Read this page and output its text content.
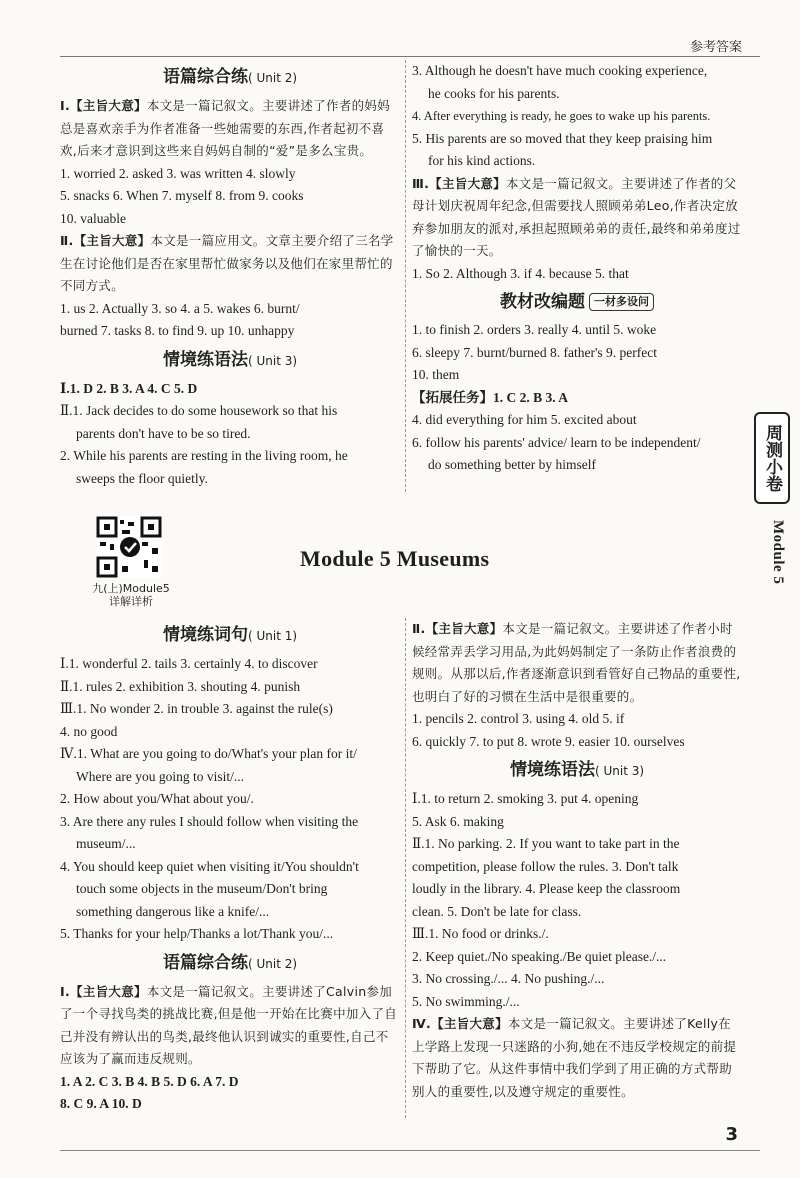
参考答案
语篇综合练( Unit 2)

Ⅰ.【主旨大意】本文是一篇记叙文。主要讲述了作者的妈妈总是喜欢亲手为作者准备一些她需要的东西,作者起初不喜欢,后来才意识到这些来自妈妈自制的“爱”是多么宝贵。

1. worried 2. asked 3. was written 4. slowly

5. snacks 6. When 7. myself 8. from 9. cooks

10. valuable

Ⅱ.【主旨大意】本文是一篇应用文。文章主要介绍了三名学生在讨论他们是否在家里帮忙做家务以及他们在家里帮忙的不同方式。

1. us 2. Actually 3. so 4. a 5. wakes 6. burnt/

burned 7. tasks 8. to find 9. up 10. unhappy

情境练语法( Unit 3)

Ⅰ.1. D 2. B 3. A 4. C 5. D

Ⅱ.1. Jack decides to do some housework so that his

parents don't have to be so tired.

2. While his parents are resting in the living room, he

sweeps the floor quietly.

3. Although he doesn't have much cooking experience,

he cooks for his parents.

4. After everything is ready, he goes to wake up his parents.

5. His parents are so moved that they keep praising him

for his kind actions.

Ⅲ.【主旨大意】本文是一篇记叙文。主要讲述了作者的父母计划庆祝周年纪念,但需要找人照顾弟弟Leo,作者决定放弃参加朋友的派对,承担起照顾弟弟的责任,最终和弟弟度过了愉快的一天。

1. So 2. Although 3. if 4. because 5. that

教材改编题 一材多设问

1. to finish 2. orders 3. really 4. until 5. woke

6. sleepy 7. burnt/burned 8. father's 9. perfect

10. them

【拓展任务】1. C 2. B 3. A

4. did everything for him 5. excited about

6. follow his parents' advice/ learn to be independent/

do something better by himself

九(上)Module5 详解详析
Module 5 Museums
周测小卷
Module 5
情境练词句( Unit 1)

Ⅰ.1. wonderful 2. tails 3. certainly 4. to discover

Ⅱ.1. rules 2. exhibition 3. shouting 4. punish

Ⅲ.1. No wonder 2. in trouble 3. against the rule(s)

4. no good

Ⅳ.1. What are you going to do/What's your plan for it/

Where are you going to visit/...

2. How about you/What about you/.

3. Are there any rules I should follow when visiting the

museum/...

4. You should keep quiet when visiting it/You shouldn't

touch some objects in the museum/Don't bring

something dangerous like a knife/...

5. Thanks for your help/Thanks a lot/Thank you/...

语篇综合练( Unit 2)

Ⅰ.【主旨大意】本文是一篇记叙文。主要讲述了Calvin参加了一个寻找鸟类的挑战比赛,但是他一开始在比赛中加入了自己并没有辨认出的鸟类,最终他认识到诚实的重要性,自己不应该为了赢而违反规则。

1. A 2. C 3. B 4. B 5. D 6. A 7. D

8. C 9. A 10. D

Ⅱ.【主旨大意】本文是一篇记叙文。主要讲述了作者小时候经常弄丢学习用品,为此妈妈制定了一条防止作者浪费的规则。从那以后,作者逐渐意识到看管好自己物品的重要性,也明白了好的习惯在生活中是很重要的。

1. pencils 2. control 3. using 4. old 5. if

6. quickly 7. to put 8. wrote 9. easier 10. ourselves

情境练语法( Unit 3)

Ⅰ.1. to return 2. smoking 3. put 4. opening

5. Ask 6. making

Ⅱ.1. No parking. 2. If you want to take part in the

competition, please follow the rules. 3. Don't talk

loudly in the library. 4. Please keep the classroom

clean. 5. Don't be late for class.

Ⅲ.1. No food or drinks./.

2. Keep quiet./No speaking./Be quiet please./...

3. No crossing./... 4. No pushing./...

5. No swimming./...

Ⅳ.【主旨大意】本文是一篇记叙文。主要讲述了Kelly在上学路上发现一只迷路的小狗,她在不违反学校规定的前提下帮助了它。从这件事情中我们学到了用正确的方式帮助别人的重要性,以及遵守规定的重要性。

3
